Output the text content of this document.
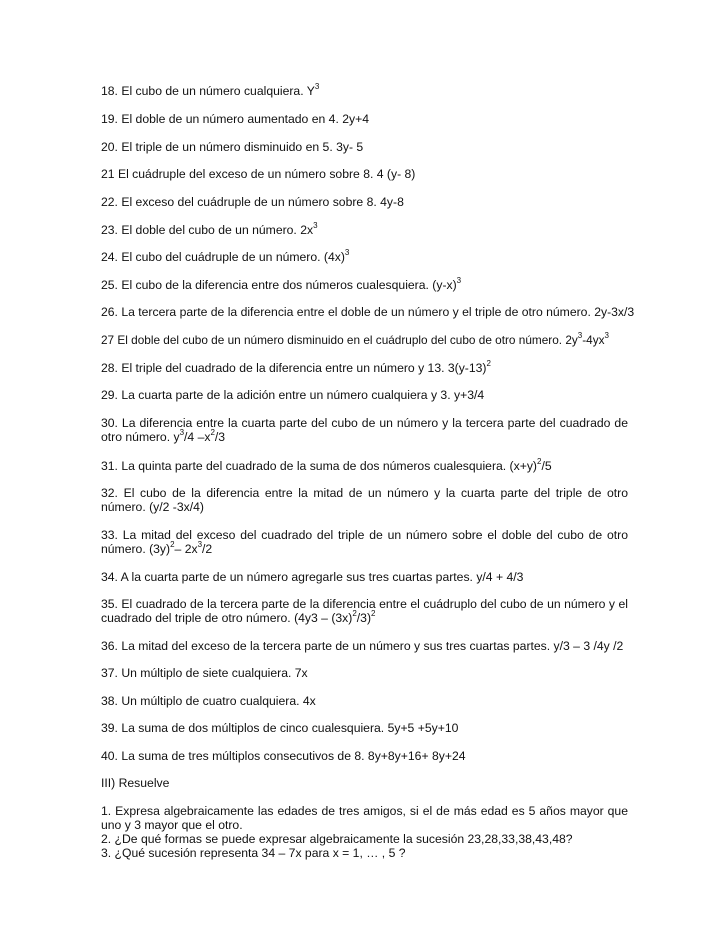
18. El cubo de un número cualquiera. $Y^3$
19. El doble de un número aumentado en 4. 2y+4
20. El triple de un número disminuido en 5. 3y- 5
21 El cuádruple del exceso de un número sobre 8. 4 (y- 8)
22. El exceso del cuádruple de un número sobre 8. 4y-8
23. El doble del cubo de un número. $2x^3$
24. El cubo del cuádruple de un número. $(4x)^3$
25. El cubo de la diferencia entre dos números cualesquiera. $(y-x)^3$
26. La tercera parte de la diferencia entre el doble de un número y el triple de otro número. 2y-3x/3
27 El doble del cubo de un número disminuido en el cuádruplo del cubo de otro número. $2y^3-4yx^3$
28. El triple del cuadrado de la diferencia entre un número y 13. $3(y-13)^2$
29. La cuarta parte de la adición entre un número cualquiera y 3. y+3/4
30. La diferencia entre la cuarta parte del cubo de un número y la tercera parte del cuadrado de otro número. $y^3/4$ $-x^2/3$
31. La quinta parte del cuadrado de la suma de dos números cualesquiera. $(x+y)^2/5$
32. El cubo de la diferencia entre la mitad de un número y la cuarta parte del triple de otro número. (y/2 -3x/4)
33. La mitad del exceso del cuadrado del triple de un número sobre el doble del cubo de otro número. $(3y)^2-$ $2x^3/2$
34. A la cuarta parte de un número agregarle sus tres cuartas partes. y/4 + 4/3
35. El cuadrado de la tercera parte de la diferencia entre el cuádruplo del cubo de un número y el cuadrado del triple de otro número. $(4y3 - (3x)^2/3)^2$
36. La mitad del exceso de la tercera parte de un número y sus tres cuartas partes. y/3 – 3 /4y /2
37. Un múltiplo de siete cualquiera. 7x
38. Un múltiplo de cuatro cualquiera. 4x
39. La suma de dos múltiplos de cinco cualesquiera. 5y+5 +5y+10
40. La suma de tres múltiplos consecutivos de 8. 8y+8y+16+ 8y+24
III) Resuelve
1. Expresa algebraicamente las edades de tres amigos, si el de más edad es 5 años mayor que uno y 3 mayor que el otro.
2. ¿De qué formas se puede expresar algebraicamente la sucesión 23,28,33,38,43,48?
3. ¿Qué sucesión representa 34 – 7x para x = 1, … , 5 ?
